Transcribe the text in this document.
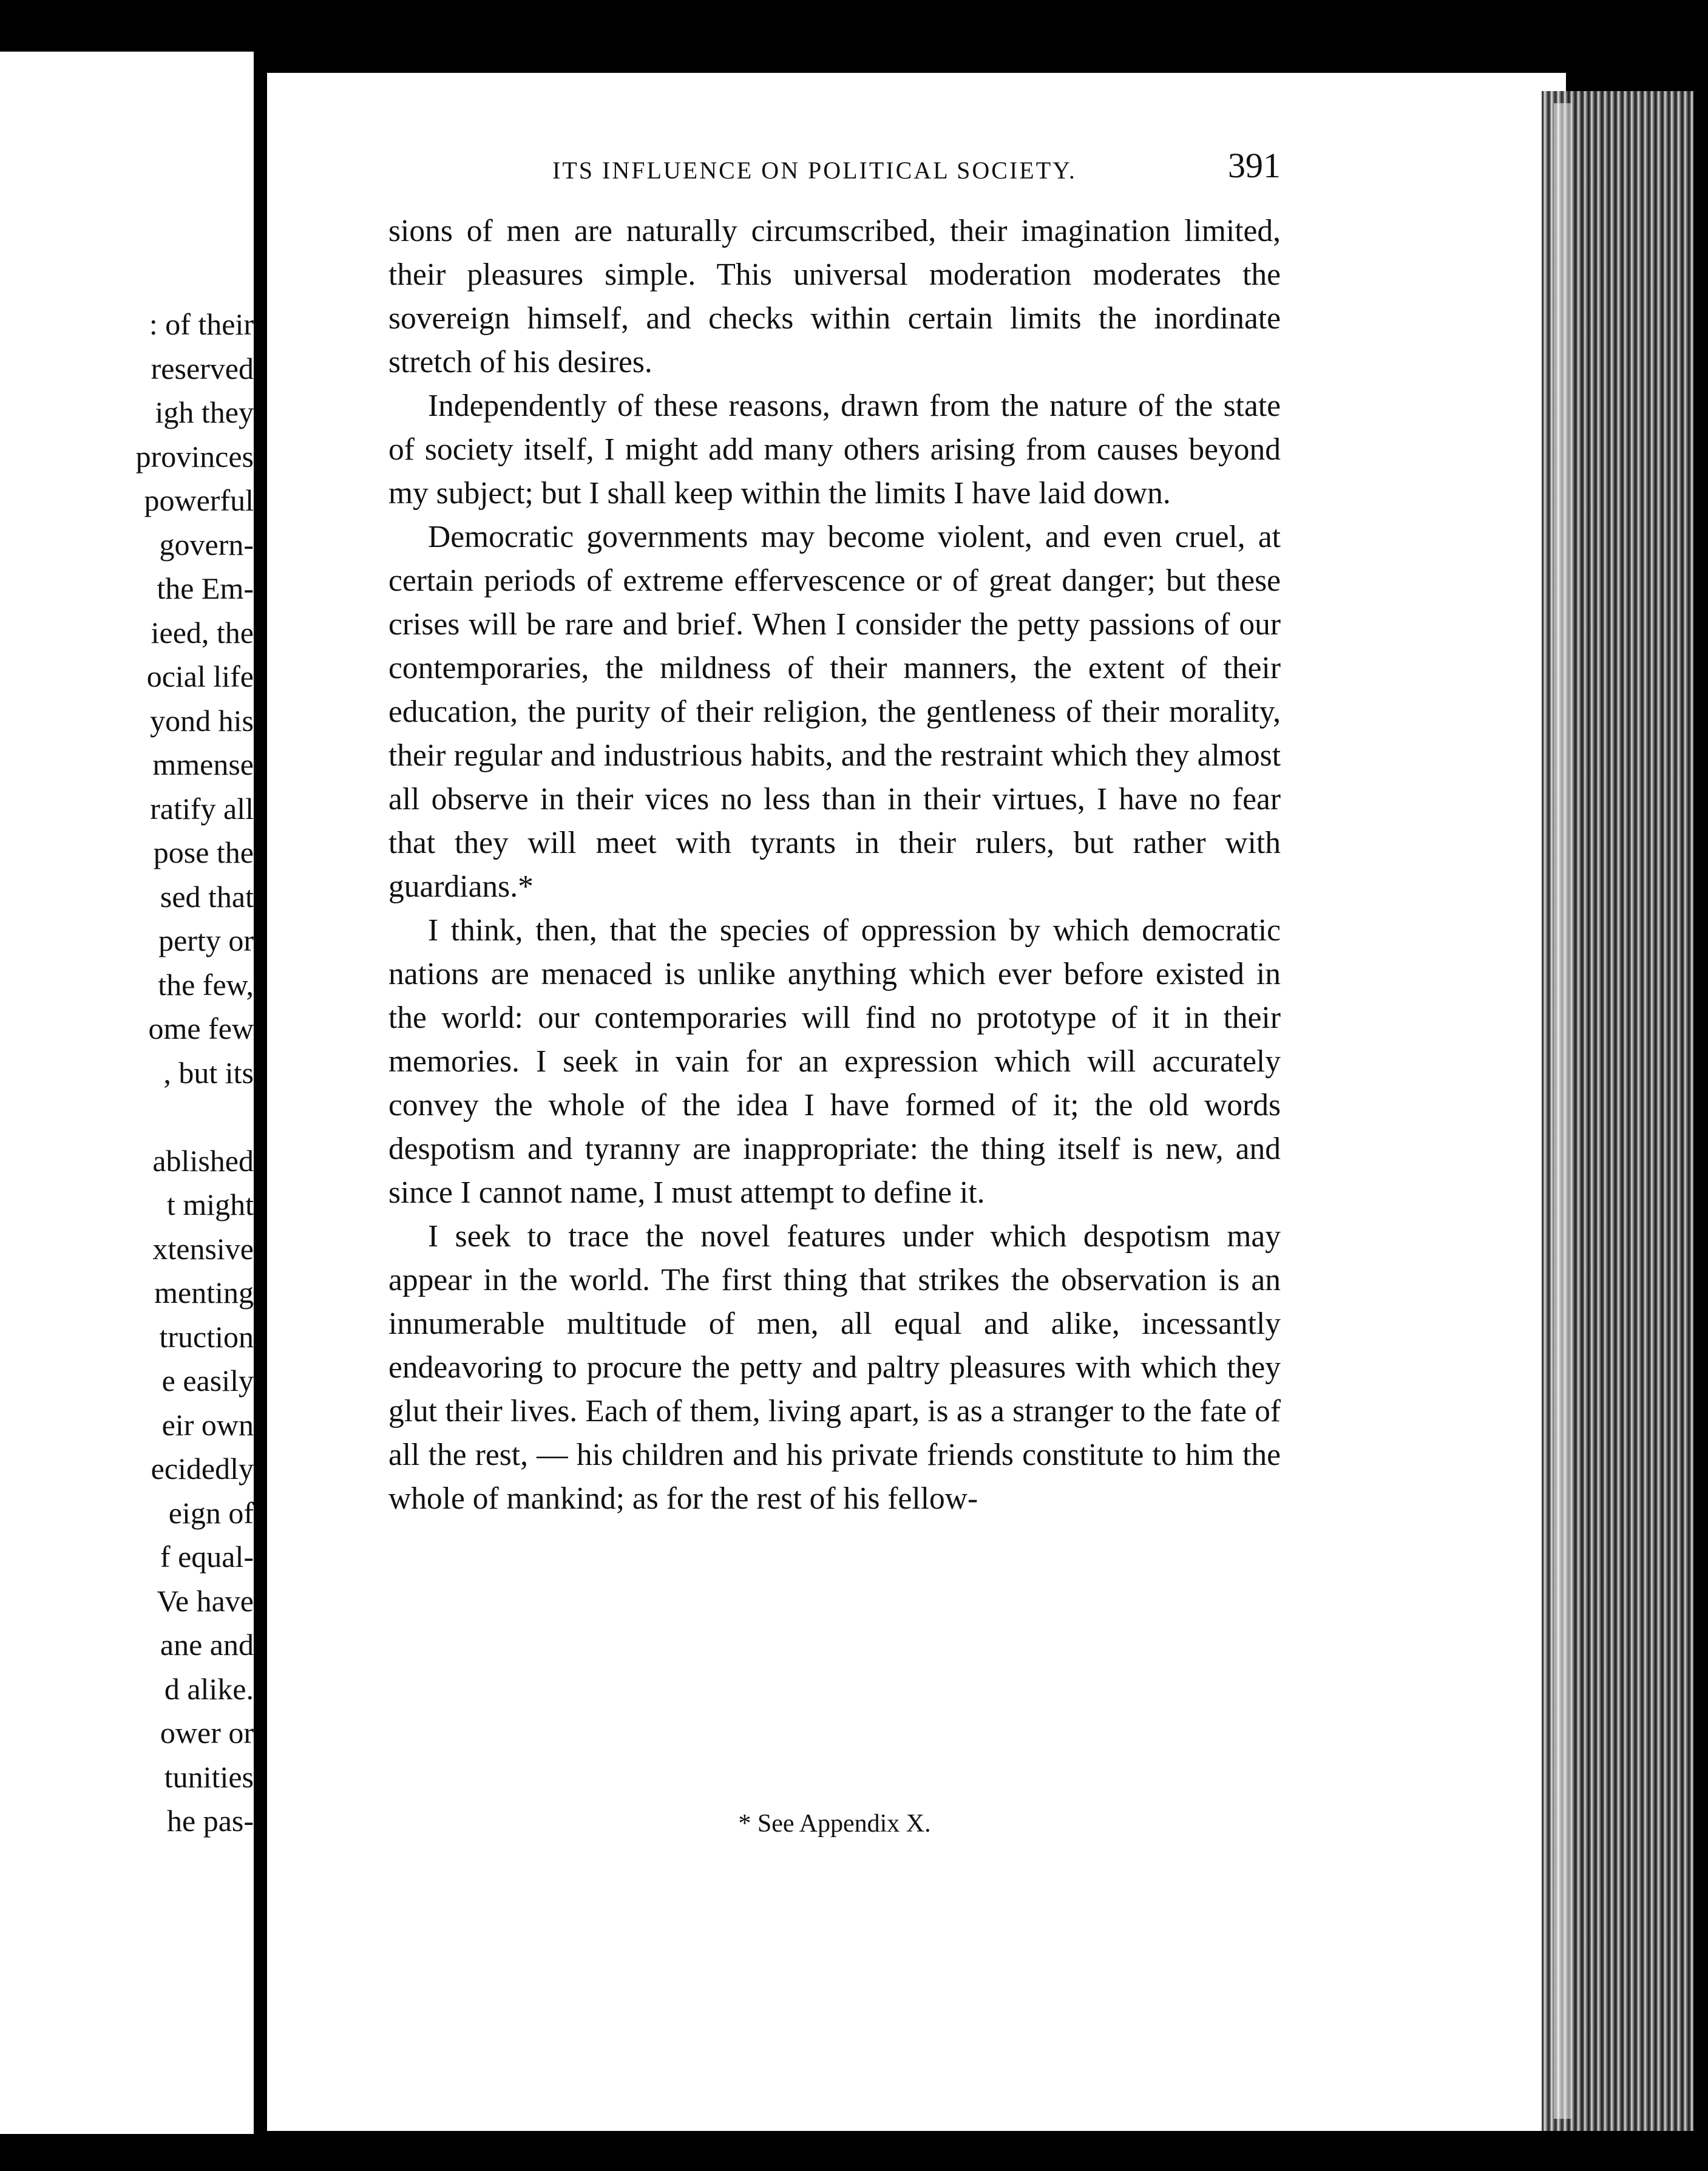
: of their
reserved
igh they
provinces
powerful
govern-
the Em-
ieed, the
ocial life
yond his
mmense
ratify all
pose the
sed that
perty or
the few,
ome few
, but its
ablished
t might
xtensive
menting
truction
e easily
eir own
ecidedly
eign of
f equal-
Ve have
ane and
d alike.
ower or
tunities
he pas-
ITS INFLUENCE ON POLITICAL SOCIETY.	391

sions of men are naturally circumscribed, their imagination limited, their pleasures simple. This universal moderation moderates the sovereign himself, and checks within certain limits the inordinate stretch of his desires.

Independently of these reasons, drawn from the nature of the state of society itself, I might add many others arising from causes beyond my subject; but I shall keep within the limits I have laid down.

Democratic governments may become violent, and even cruel, at certain periods of extreme effervescence or of great danger; but these crises will be rare and brief. When I consider the petty passions of our contemporaries, the mildness of their manners, the extent of their education, the purity of their religion, the gentleness of their morality, their regular and industrious habits, and the restraint which they almost all observe in their vices no less than in their virtues, I have no fear that they will meet with tyrants in their rulers, but rather with guardians.*

I think, then, that the species of oppression by which democratic nations are menaced is unlike anything which ever before existed in the world: our contemporaries will find no prototype of it in their memories. I seek in vain for an expression which will accurately convey the whole of the idea I have formed of it; the old words despotism and tyranny are inappropriate: the thing itself is new, and since I cannot name, I must attempt to define it.

I seek to trace the novel features under which despotism may appear in the world. The first thing that strikes the observation is an innumerable multitude of men, all equal and alike, incessantly endeavoring to procure the petty and paltry pleasures with which they glut their lives. Each of them, living apart, is as a stranger to the fate of all the rest, — his children and his private friends constitute to him the whole of mankind; as for the rest of his fellow-

* See Appendix X.
